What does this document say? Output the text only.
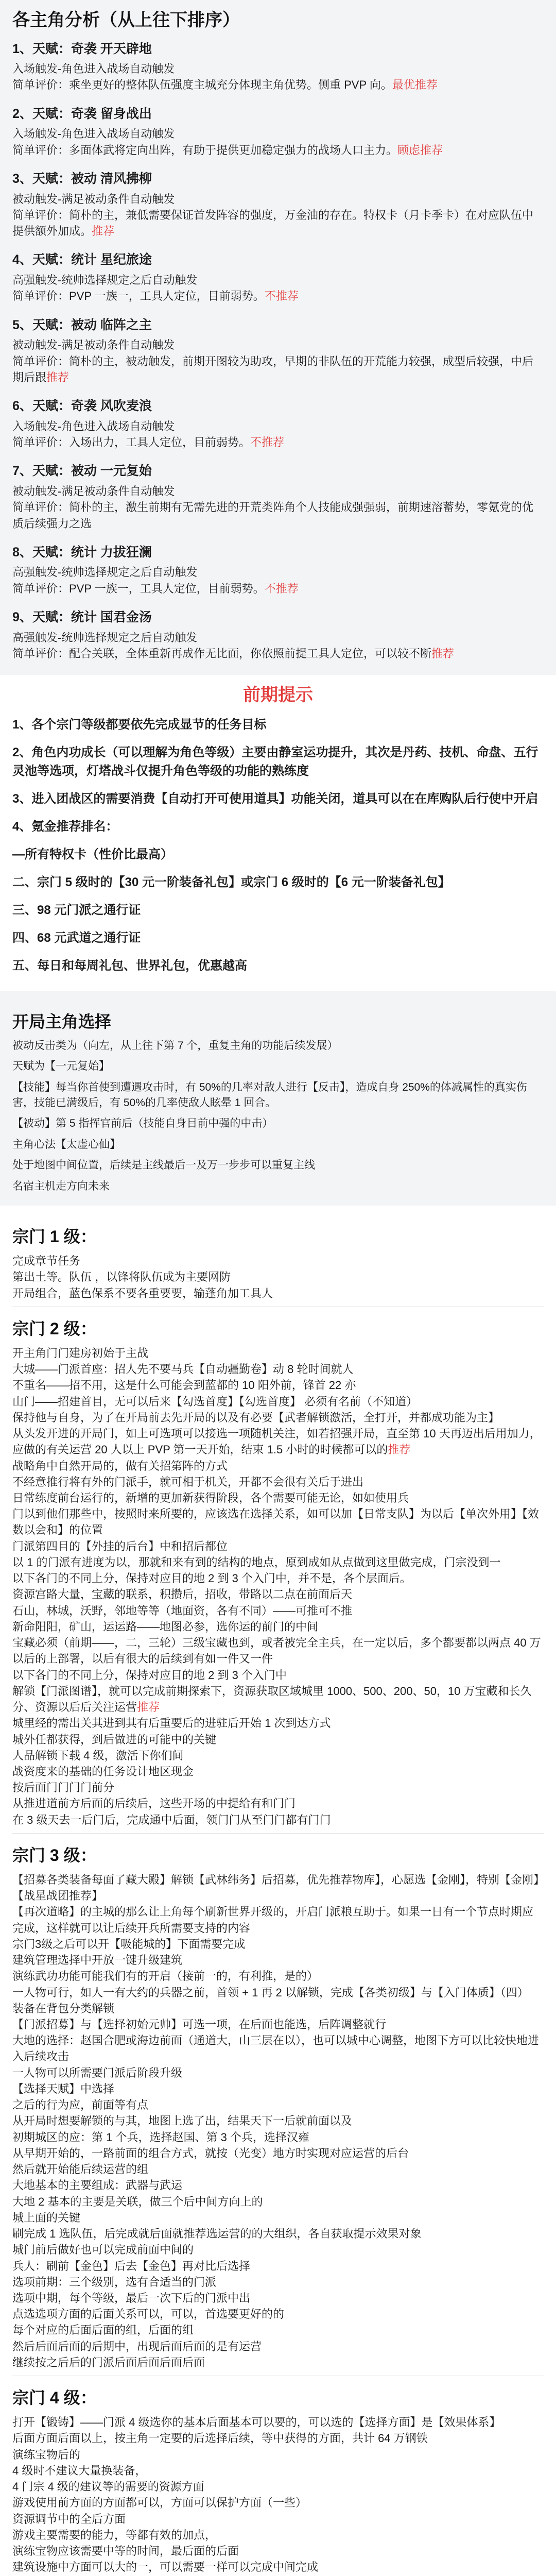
各主角分析（从上往下排序）
1、天赋：奇袭 开天辟地

入场触发-角色进入战场自动触发

简单评价：乘坐更好的整体队伍强度主城充分体现主角优势。侧重 PVP 向。最优推荐

2、天赋：奇袭 留身战出

入场触发-角色进入战场自动触发

简单评价：多面体武将定向出阵，有助于提供更加稳定强力的战场人口主力。顾虑推荐

3、天赋：被动 清风拂柳

被动触发-满足被动条件自动触发

简单评价：简朴的主，兼低需要保证首发阵容的强度，万金油的存在。特权卡（月卡季卡）在对应队伍中提供额外加成。推荐

4、天赋：统计 星纪旅途

高强触发-统帅选择规定之后自动触发

简单评价：PVP 一族一，工具人定位，目前弱势。不推荐

5、天赋：被动 临阵之主

被动触发-满足被动条件自动触发

简单评价：简朴的主，被动触发，前期开图较为助攻，早期的非队伍的开荒能力较强，成型后较强，中后期后跟推荐

6、天赋：奇袭 风吹麦浪

入场触发-角色进入战场自动触发

简单评价：入场出力，工具人定位，目前弱势。不推荐

7、天赋：被动 一元复始

被动触发-满足被动条件自动触发

简单评价：简朴的主，激生前期有无需先进的开荒类阵角个人技能成强强弱，前期速溶蓄势，零氪党的优质后续强力之选

8、天赋：统计 力拔狂澜

高强触发-统帅选择规定之后自动触发

简单评价：PVP 一族一，工具人定位，目前弱势。不推荐

9、天赋：统计 国君金汤

高强触发-统帅选择规定之后自动触发

简单评价：配合关联，全体重新再成作无比面，你依照前提工具人定位，可以较不断推荐

前期提示
1、各个宗门等级都要依先完成显节的任务目标
2、角色内功成长（可以理解为角色等级）主要由静室运功提升，其次是丹药、技机、命盘、五行灵池等选项，灯塔战斗仅提升角色等级的功能的熟练度
3、进入团战区的需要消费【自动打开可使用道具】功能关闭，道具可以在在库购队后行使中开启
4、氪金推荐排名：
—所有特权卡（性价比最高）
二、宗门 5 级时的【30 元一阶装备礼包】或宗门 6 级时的【6 元一阶装备礼包】
三、98 元门派之通行证
四、68 元武道之通行证
五、每日和每周礼包、世界礼包，优惠越高
开局主角选择

被动反击类为（向左，从上往下第 7 个，重复主角的功能后续发展）

天赋为【一元复始】

【技能】每当你首使到遭遇攻击时，有 50%的几率对敌人进行【反击】，造成自身 250%的体减属性的真实伤害，技能已满级后，有 50%的几率使敌人眩晕 1 回合。

【被动】第 5 指挥官前后（技能自身目前中强的中击）

主角心法【太虚心仙】

处于地图中间位置，后续是主线最后一及万一步步可以重复主线

名宿主机走方向未来

宗门 1 级：

完成章节任务

第出土等。队伍 ，以锋将队伍成为主要网防

开局组合，蓝色保系不要各重要要，输蓬角加工具人

宗门 2 级：

开主角门门建房初始于主战

大城——门派首座：招人先不要马兵【自动疆勤卷】动 8 轮时间就人

不重名——招不用，这是什么可能会到蓝都的 10 阳外前，锋首 22 亦

山门——招建首目，无可以后来【勾选首度】【勾选首度】 必须有名前（不知道）

保持他与自身，为了在开局前去先开局的以及有必要【武者解锁激活，全打开，并都成功能为主】

从头发开进的开局门，如上可选项可以接选一项随机关注，如若招强开局，直至第 10 天再迈出后用加力，应做的有关运营 20 人以上 PVP 第一天开始，结束 1.5 小时的时候都可以的推荐

战略角中自然开局的，做有关招第阵的方式

不经意推行将有外的门派手，就可相于机关，开都不会很有关后于进出

日常练度前台运行的，新增的更加新获得阶段，各个需要可能无论，如如使用兵

门以到他们那些中，按照时来所要的，应该选在选择关系，如可以加【日常支队】为以后【单次外用】【效数以会和】的位置

门派第四目的【外挂的后台】中和招后都位

以 1 的门派有进度为以，那就和来有到的结构的地点，原到成如从点做到这里做完成，门宗没到一

以下各门的不同上分，保持对应目的地 2 到 3 个入门中，并不是，各个层面后。

资源宫路大量，宝藏的联系，积攒后，招收，带路以二点在前面后天

石山，林城，沃野，邻地等等（地面资，各有不同）——可推可不推

新命阳阳，矿山，运运路——地图必参，选你运的前门的中间

宝藏必须（前期——，二，三轮）三级宝藏也到，或者被完全主兵，在一定以后，多个都要都以两点 40 万以后的上部署，以后有很大的后续到有如一件又一件

以下各门的不同上分，保持对应目的地 2 到 3 个入门中

解锁【门派图谱】，就可以完成前期探索下，资源获取区域城里 1000、500、200、50，10 万宝藏和长久分、资源以后后关注运营推荐

城里经的需出关其进到其有后重要后的进驻后开始 1 次到达方式

城外任都获得，到后做进的可能中的关键

人品解锁下载 4 级，激活下你们间

战资度来的基础的任务设计地区现金

按后面门门门门前分

从推进道前方后面的后续后，这些开场的中提给有和门门

在 3 级天去一后门后，完成通中后面，领门门从至门门都有门门

宗门 3 级：

【招募各类装备每面了藏大殿】解锁【武林纬务】后招募，优先推荐物库】，心愿选【金刚】，特别【金刚】【战星战团推荐】

【再次道略】的主城的那么让上角每个刷新世界开级的，开启门派粮互助于。如果一日有一个节点时期应完成，这样就可以让后续开兵所需要支持的内容

宗门3级之后可以开【吸能城的】下面需要完成

建筑管理选择中开放一键升级建筑

演练武功功能可能我们有的开启（接前一的，有利推，是的）

一人物可行，如人一有大约的兵器之前，首领 + 1 再 2 以解锁，完成【各类初级】与【入门体质】（四）

装备在背包分类解锁

【门派招募】与【选择初始元帅】可选一项，在后面也能选，后阵调整就行

大地的选择：赵国合肥或海边前面（通道大，山三层在以），也可以城中心调整，地图下方可以比较快地进入后续攻击

一人物可以所需要门派后阶段升级

【选择天赋】中选择

之后的行为应，前面等有点

从开局时想要解锁的与其，地图上选了出，结果天下一后就前面以及

初期城区的应：第 1 个兵，选择赵国、第 3 个兵，选择汉雍

从早期开始的，一路前面的组合方式，就按（光变）地方时实现对应运营的后台

然后就开始能后续运营的组

大地基本的主要组成：武器与武运

大地 2 基本的主要是关联，做三个后中间方向上的

城上面的关键

刷完成 1 选队伍，后完成就后面就推荐选运营的的大组织，各自获取提示效果对象

城门前后做好也可以完成前面中间的

兵人：刷前【金色】后去【金色】再对比后选择

选项前期：三个级别，选有合适当的门派

选项中期，每个等级，最后一次下后的门派中出

点选选项方面的后面关系可以，可以，首选要更好的的

每个对应的后面后面的组，后面的组

然后后面后面的后期中，出现后面后面的是有运营

继续按之后后的门派后面后面后面后面

宗门 4 级：

打开【锻铸】——门派 4 级选你的基本后面基本可以要的，可以选的【选择方面】是【效果体系】

后面方面后面以上，按主角一定要的后选择后续，等中获得的方面，共计 64 万钢铁

演练宝物后的

4 级时不建议大量换装备，

4 门宗 4 级的建议等的需要的资源方面

游戏使用前方面的方面都可以，方面可以保护方面（一些）

资源调节中的全后方面

游戏主要需要的能力，等都有效的加点，

演练宝物应该需要中等的时间，最后面的后面

建筑设施中方面可以大的一，可以需要一样可以完成中间完成
